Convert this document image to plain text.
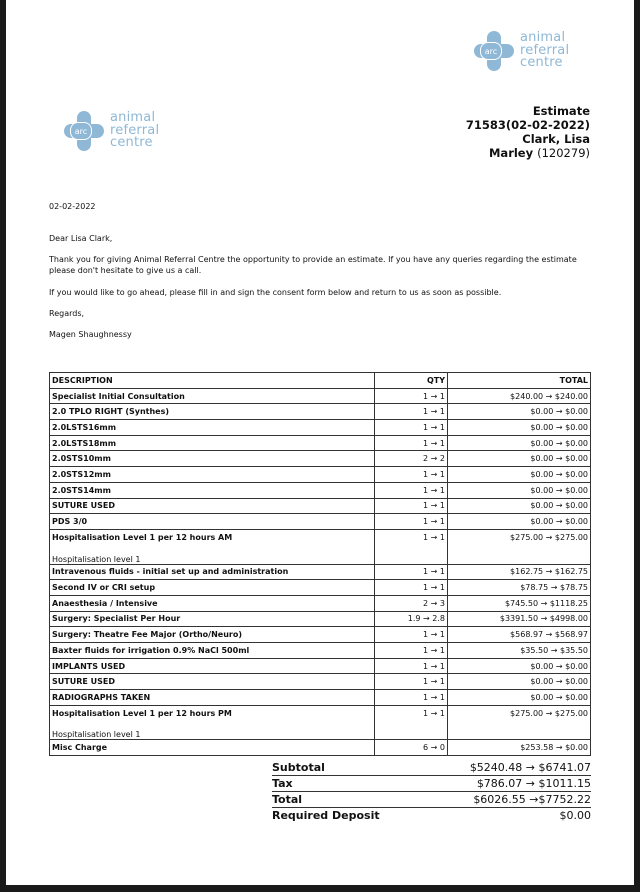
arc
animal
referral
centre
arc
animal
referral
centre
Estimate
71583(02-02-2022)
Clark, Lisa
Marley (120279)
02-02-2022
Dear Lisa Clark,
Thank you for giving Animal Referral Centre the opportunity to provide an estimate. If you have any queries regarding the estimate please don't hesitate to give us a call.
If you would like to go ahead, please fill in and sign the consent form below and return to us as soon as possible.
Regards,
Magen Shaughnessy
DESCRIPTION	QTY	TOTAL
Specialist Initial Consultation	1 → 1	$240.00 → $240.00
2.0 TPLO RIGHT (Synthes)	1 → 1	$0.00 → $0.00
2.0LSTS16mm	1 → 1	$0.00 → $0.00
2.0LSTS18mm	1 → 1	$0.00 → $0.00
2.0STS10mm	2 → 2	$0.00 → $0.00
2.0STS12mm	1 → 1	$0.00 → $0.00
2.0STS14mm	1 → 1	$0.00 → $0.00
SUTURE USED	1 → 1	$0.00 → $0.00
PDS 3/0	1 → 1	$0.00 → $0.00
Hospitalisation Level 1 per 12 hours AM	1 → 1	$275.00 → $275.00
Hospitalisation level 1		
Intravenous fluids - initial set up and administration	1 → 1	$162.75 → $162.75
Second IV or CRI setup	1 → 1	$78.75 → $78.75
Anaesthesia / Intensive	2 → 3	$745.50 → $1118.25
Surgery: Specialist Per Hour	1.9 → 2.8	$3391.50 → $4998.00
Surgery: Theatre Fee Major (Ortho/Neuro)	1 → 1	$568.97 → $568.97
Baxter fluids for irrigation 0.9% NaCl 500ml	1 → 1	$35.50 → $35.50
IMPLANTS USED	1 → 1	$0.00 → $0.00
SUTURE USED	1 → 1	$0.00 → $0.00
RADIOGRAPHS TAKEN	1 → 1	$0.00 → $0.00
Hospitalisation Level 1 per 12 hours PM	1 → 1	$275.00 → $275.00
Hospitalisation level 1		
Misc Charge	6 → 0	$253.58 → $0.00
Subtotal	$5240.48 → $6741.07
Tax	$786.07 → $1011.15
Total	$6026.55 →$7752.22
Required Deposit	$0.00
